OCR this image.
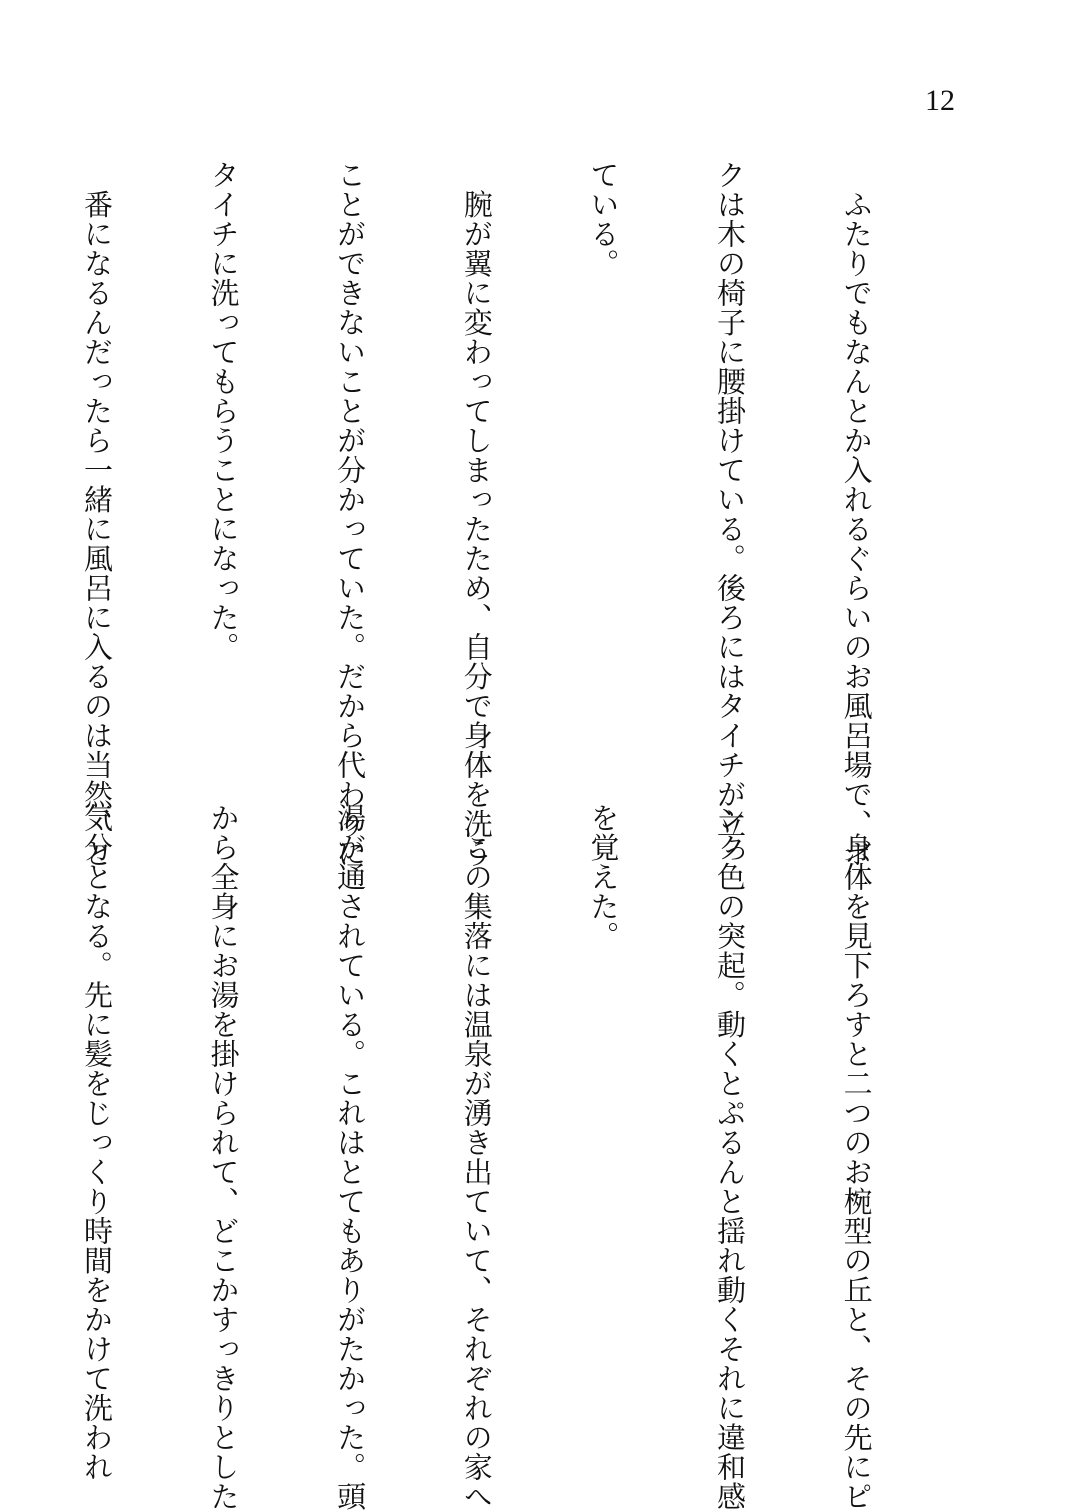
12

　ふたりでもなんとか入れるぐらいのお風呂場で、ボ

クは木の椅子に腰掛けている。後ろにはタイチが立っ

ている。

　腕が翼に変わってしまったため、自分で身体を洗う

ことができないことが分かっていた。だから代わりに

タイチに洗ってもらうことになった。

　番になるんだったら一緒に風呂に入るのは当然、と

　身体を見下ろすと二つのお椀型の丘と、その先にピ

ンク色の突起。動くとぷるんと揺れ動くそれに違和感

を覚えた。

　この集落には温泉が湧き出ていて、それぞれの家へ

湯が通されている。これはとてもありがたかった。頭

から全身にお湯を掛けられて、どこかすっきりとした

気分となる。先に髪をじっくり時間をかけて洗われ
